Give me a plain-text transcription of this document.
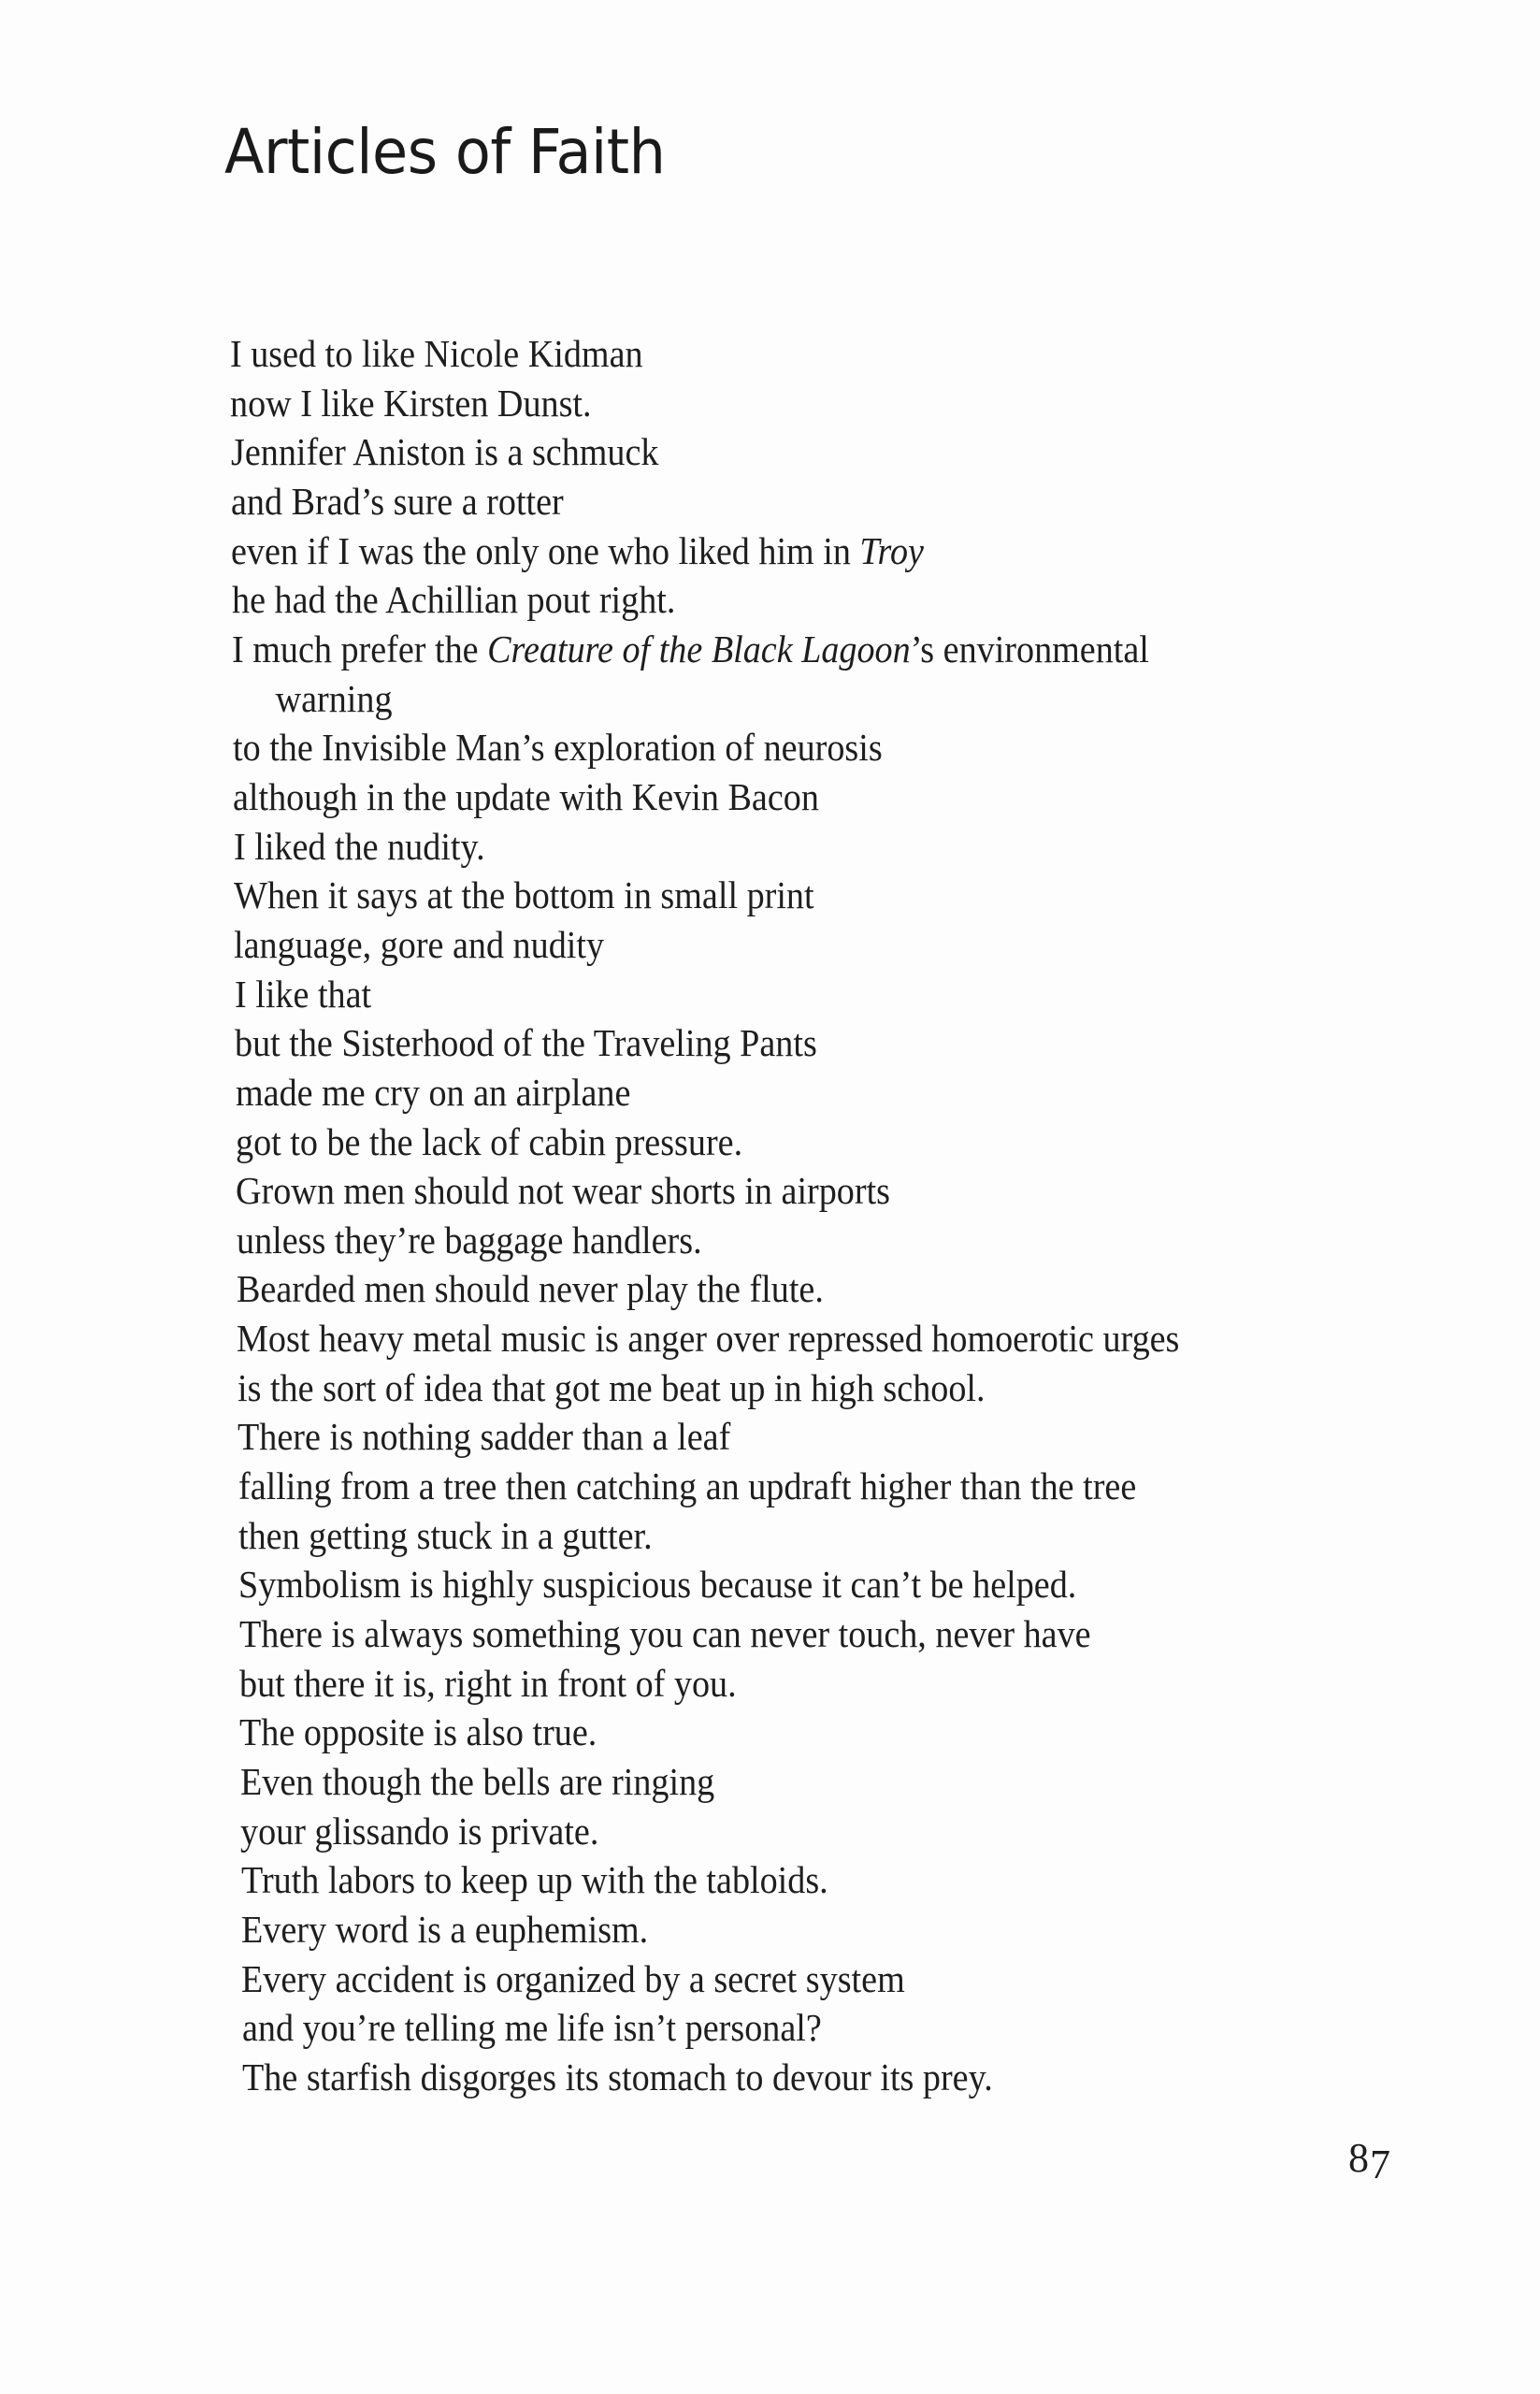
Articles of Faith
I used to like Nicole Kidman
now I like Kirsten Dunst.
Jennifer Aniston is a schmuck
and Brad’s sure a rotter
even if I was the only one who liked him in Troy
he had the Achillian pout right.
I much prefer the Creature of the Black Lagoon’s environmental
warning
to the Invisible Man’s exploration of neurosis
although in the update with Kevin Bacon
I liked the nudity.
When it says at the bottom in small print
language, gore and nudity
I like that
but the Sisterhood of the Traveling Pants
made me cry on an airplane
got to be the lack of cabin pressure.
Grown men should not wear shorts in airports
unless they’re baggage handlers.
Bearded men should never play the flute.
Most heavy metal music is anger over repressed homoerotic urges
is the sort of idea that got me beat up in high school.
There is nothing sadder than a leaf
falling from a tree then catching an updraft higher than the tree
then getting stuck in a gutter.
Symbolism is highly suspicious because it can’t be helped.
There is always something you can never touch, never have
but there it is, right in front of you.
The opposite is also true.
Even though the bells are ringing
your glissando is private.
Truth labors to keep up with the tabloids.
Every word is a euphemism.
Every accident is organized by a secret system
and you’re telling me life isn’t personal?
The starfish disgorges its stomach to devour its prey.
87
